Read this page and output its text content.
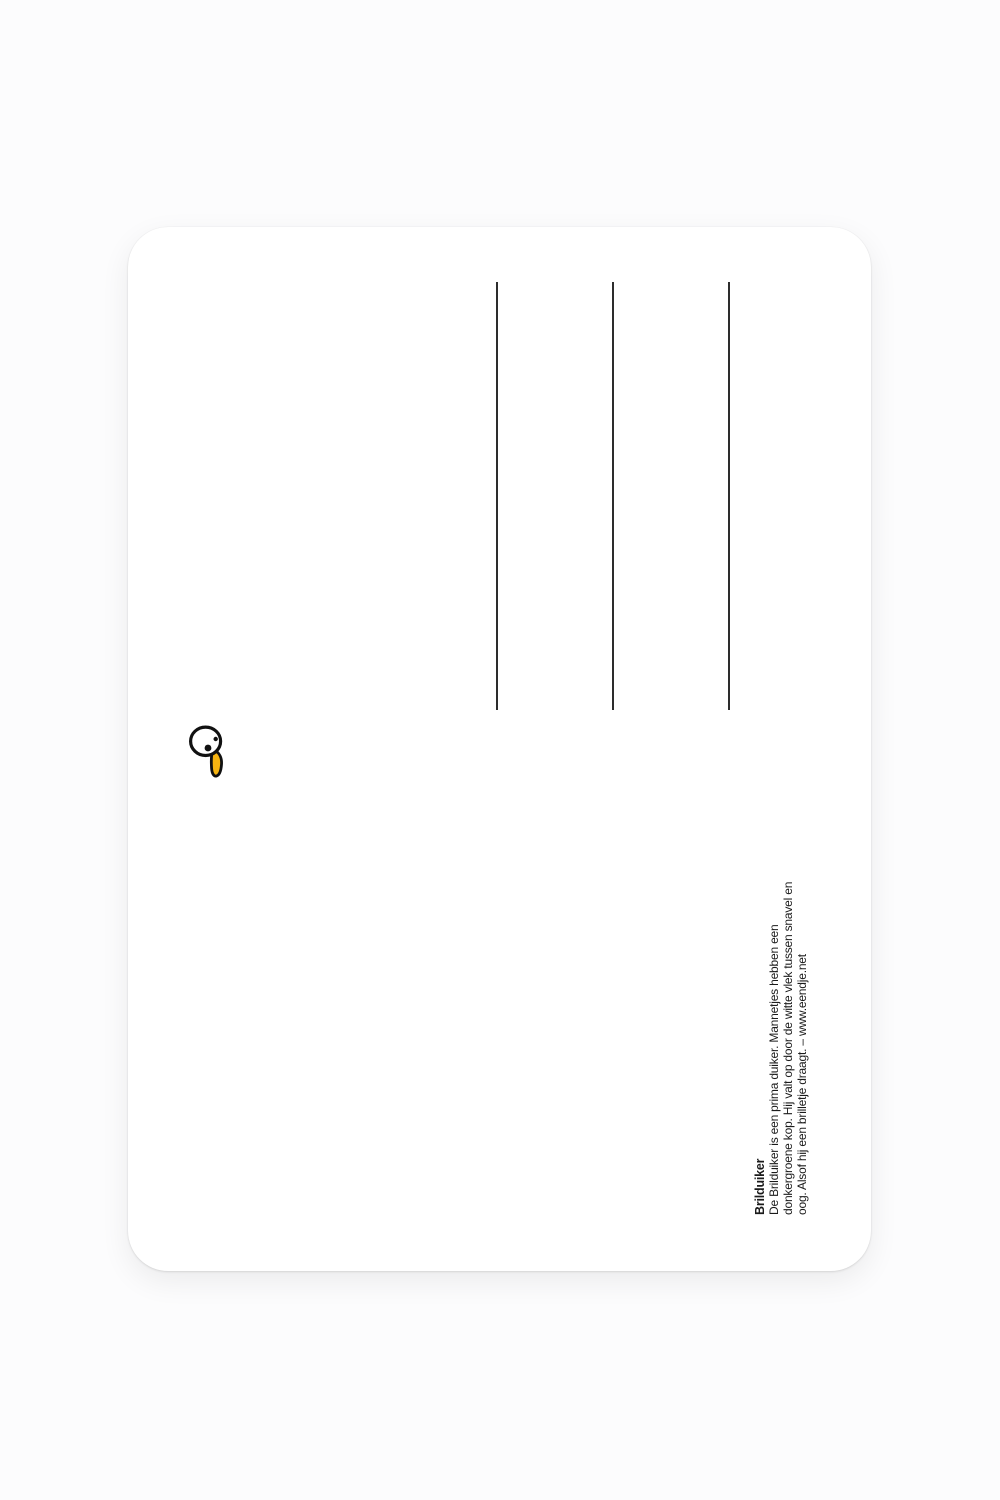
Brilduiker De Brilduiker is een prima duiker. Mannetjes hebben een donkergroene kop. Hij valt op door de witte vlek tussen snavel en oog. Alsof hij een brilletje draagt. – www.eendje.net
